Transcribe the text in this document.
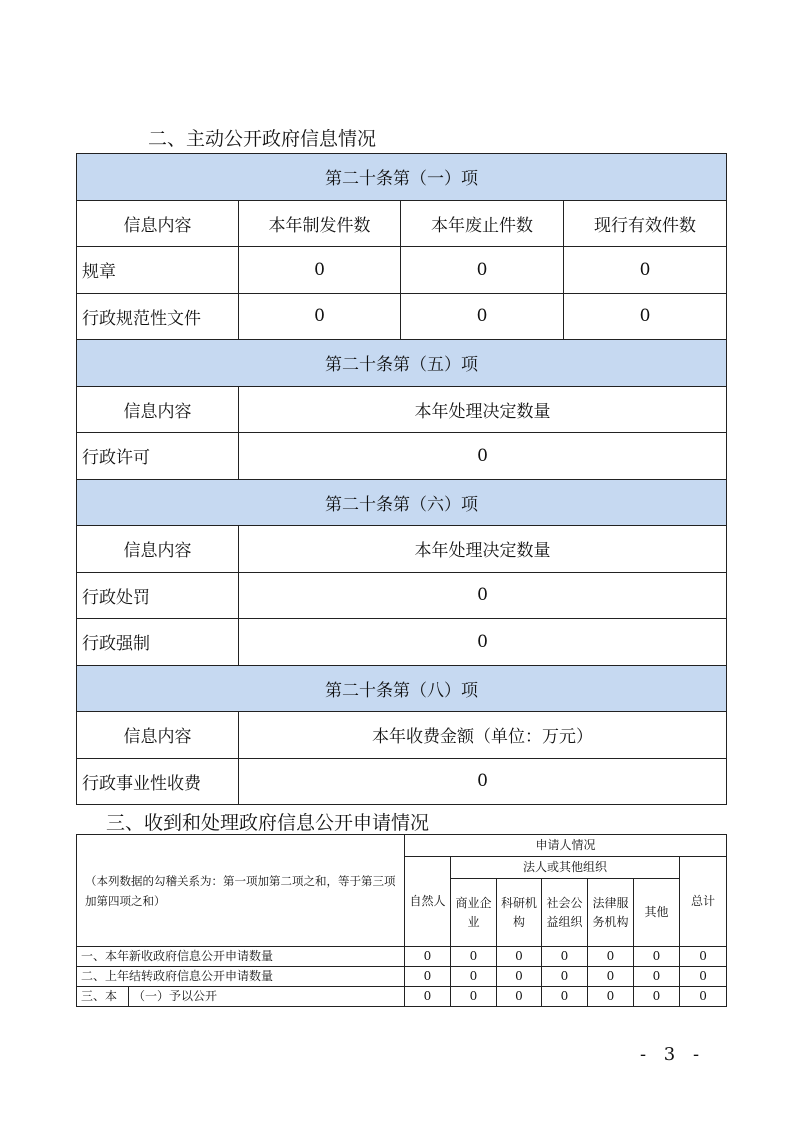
二、主动公开政府信息情况
第二十条第（一）项			
信息内容	本年制发件数	本年废止件数	现行有效件数
规章	0	0	0
行政规范性文件	0	0	0
第二十条第（五）项			
信息内容	本年处理决定数量		
行政许可	0		
第二十条第（六）项			
信息内容	本年处理决定数量		
行政处罚	0		
行政强制	0		
第二十条第（八）项			
信息内容	本年收费金额（单位：万元）		
行政事业性收费	0		
三、收到和处理政府信息公开申请情况
（本列数据的勾稽关系为：第一项加第二项之和，等于第三项加第四项之和）		申请人情况						
		自然人	法人或其他组织					总计
			商业企业	科研机构	社会公益组织	法律服务机构	其他	
一、本年新收政府信息公开申请数量		0	0	0	0	0	0	0
二、上年结转政府信息公开申请数量		0	0	0	0	0	0	0
三、本	（一）予以公开	0	0	0	0	0	0	0
- 3 -
